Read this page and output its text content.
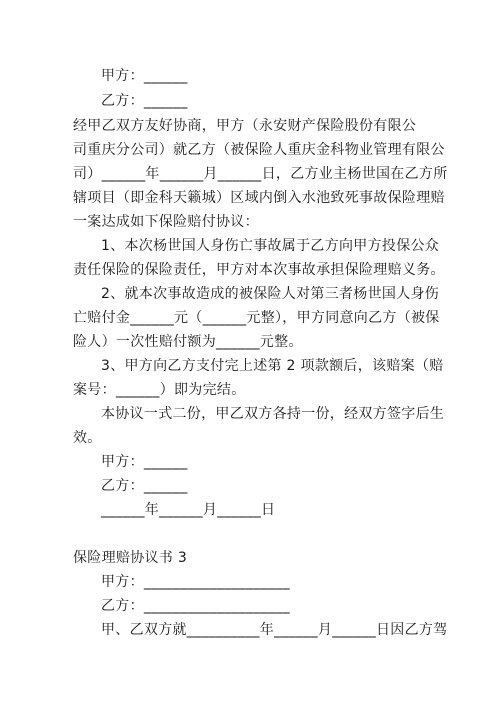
甲方：______
乙方：______
经甲乙双方友好协商，甲方（永安财产保险股份有限公
司重庆分公司）就乙方（被保险人重庆金科物业管理有限公
司）______年______月______日，乙方业主杨世国在乙方所
辖项目（即金科天籁城）区域内倒入水池致死事故保险理赔
一案达成如下保险赔付协议：
1、本次杨世国人身伤亡事故属于乙方向甲方投保公众
责任保险的保险责任，甲方对本次事故承担保险理赔义务。
2、就本次事故造成的被保险人对第三者杨世国人身伤
亡赔付金______元（______元整），甲方同意向乙方（被保
险人）一次性赔付额为______元整。
3、甲方向乙方支付完上述第 2 项款额后，该赔案（赔
案号：______）即为完结。
本协议一式二份，甲乙双方各持一份，经双方签字后生
效。
甲方：______
乙方：______
______年______月______日
保险理赔协议书 3
甲方：____________________
乙方：____________________
甲、乙双方就__________年______月______日因乙方驾
